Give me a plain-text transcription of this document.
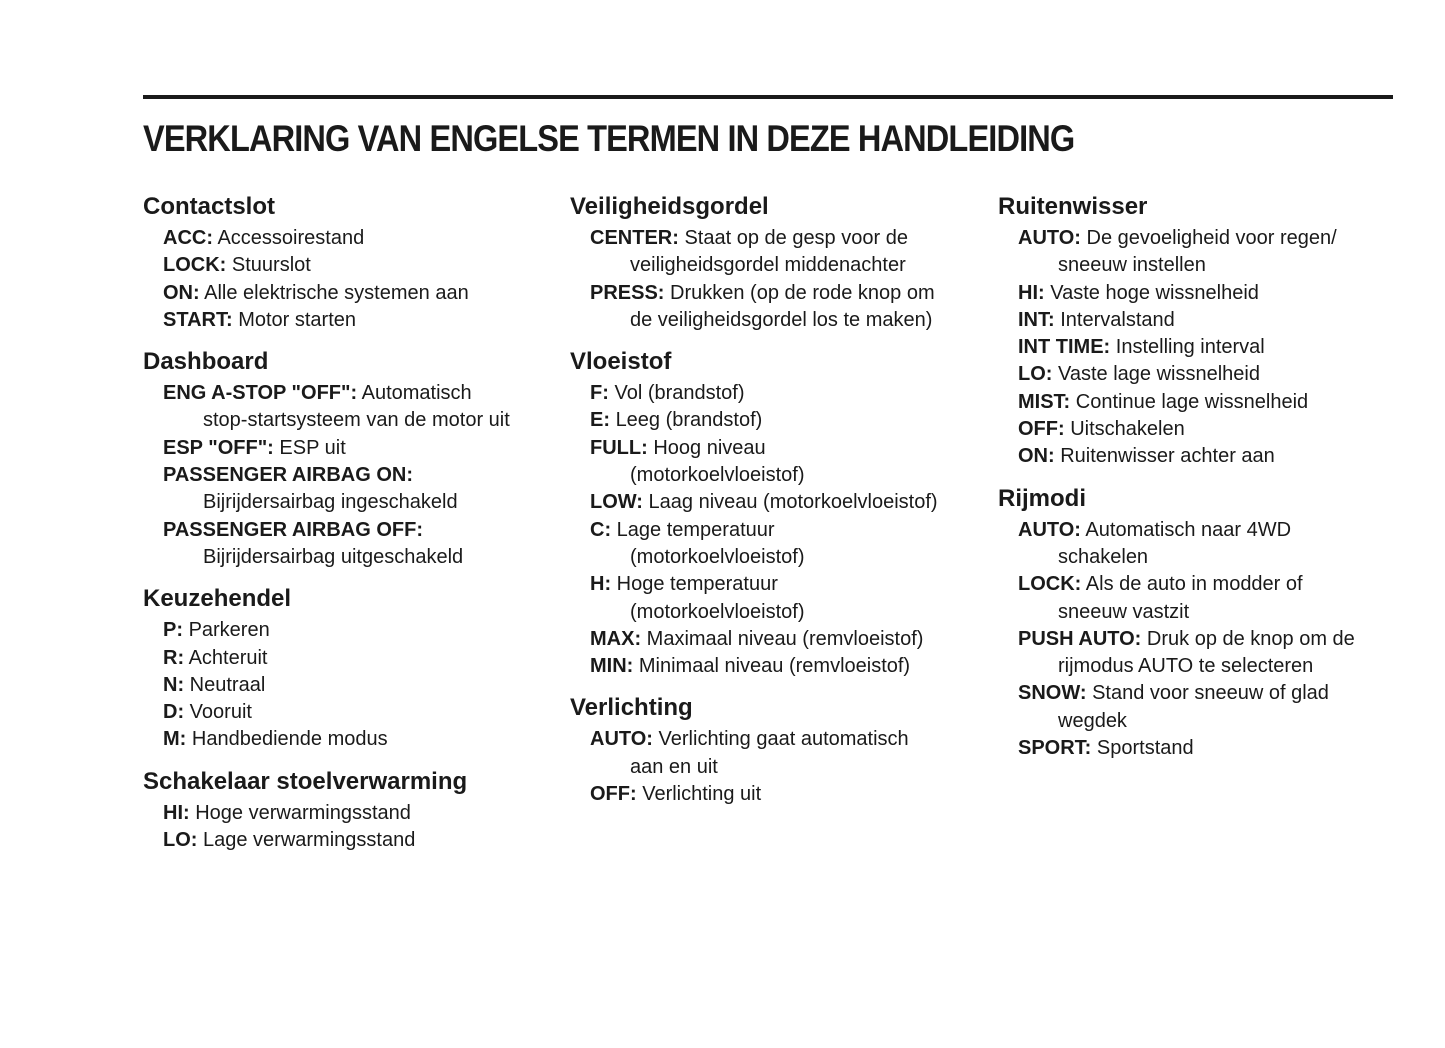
VERKLARING VAN ENGELSE TERMEN IN DEZE HANDLEIDING
Contactslot
ACC: Accessoirestand
LOCK: Stuurslot
ON: Alle elektrische systemen aan
START: Motor starten
Dashboard
ENG A-STOP "OFF": Automatisch
stop-startsysteem van de motor uit
ESP "OFF": ESP uit
PASSENGER AIRBAG ON:
Bijrijdersairbag ingeschakeld
PASSENGER AIRBAG OFF:
Bijrijdersairbag uitgeschakeld
Keuzehendel
P: Parkeren
R: Achteruit
N: Neutraal
D: Vooruit
M: Handbediende modus
Schakelaar stoelverwarming
HI: Hoge verwarmingsstand
LO: Lage verwarmingsstand
Veiligheidsgordel
CENTER: Staat op de gesp voor de
veiligheidsgordel middenachter
PRESS: Drukken (op de rode knop om
de veiligheidsgordel los te maken)
Vloeistof
F: Vol (brandstof)
E: Leeg (brandstof)
FULL: Hoog niveau
(motorkoelvloeistof)
LOW: Laag niveau (motorkoelvloeistof)
C: Lage temperatuur
(motorkoelvloeistof)
H: Hoge temperatuur
(motorkoelvloeistof)
MAX: Maximaal niveau (remvloeistof)
MIN: Minimaal niveau (remvloeistof)
Verlichting
AUTO: Verlichting gaat automatisch
aan en uit
OFF: Verlichting uit
Ruitenwisser
AUTO: De gevoeligheid voor regen/
sneeuw instellen
HI: Vaste hoge wissnelheid
INT: Intervalstand
INT TIME: Instelling interval
LO: Vaste lage wissnelheid
MIST: Continue lage wissnelheid
OFF: Uitschakelen
ON: Ruitenwisser achter aan
Rijmodi
AUTO: Automatisch naar 4WD
schakelen
LOCK: Als de auto in modder of
sneeuw vastzit
PUSH AUTO: Druk op de knop om de
rijmodus AUTO te selecteren
SNOW: Stand voor sneeuw of glad
wegdek
SPORT: Sportstand
